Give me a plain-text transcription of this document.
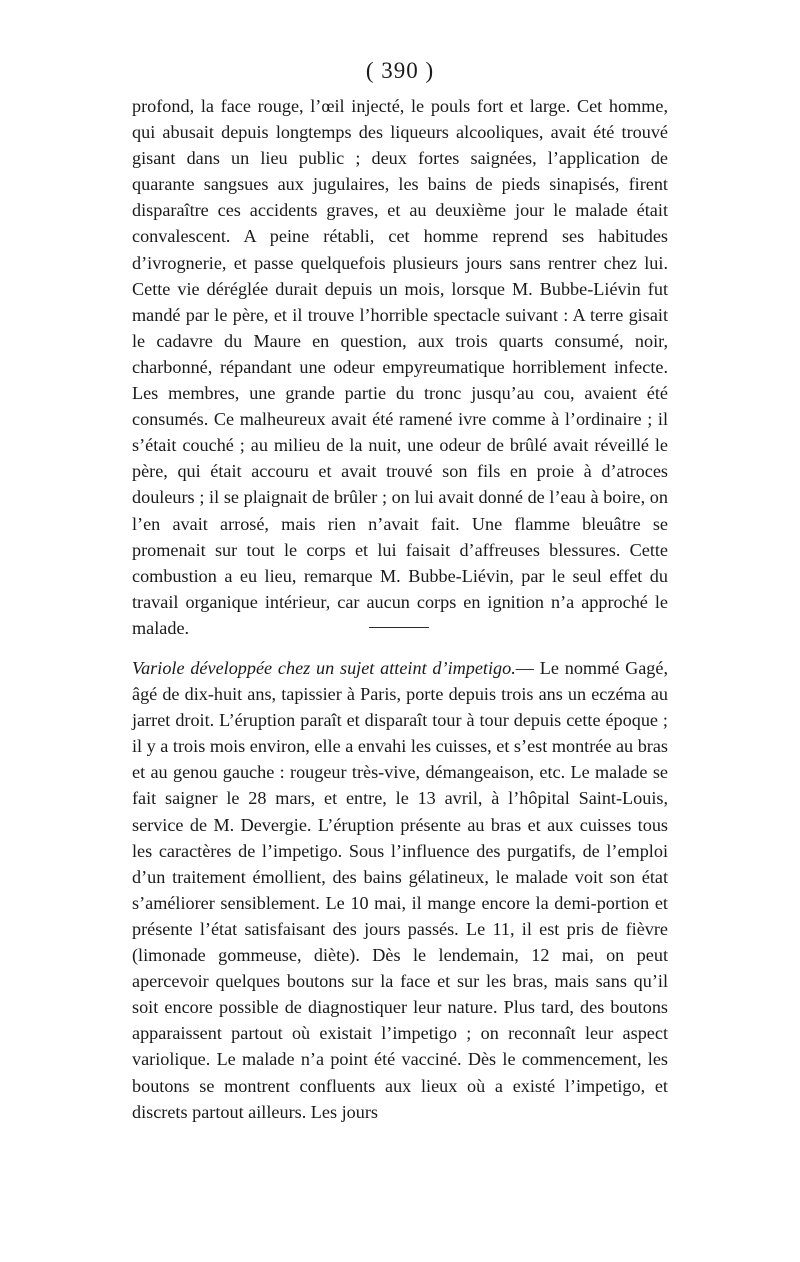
( 390 )

profond, la face rouge, l’œil injecté, le pouls fort et large. Cet homme, qui abusait depuis longtemps des liqueurs alcooliques, avait été trouvé gisant dans un lieu public ; deux fortes saignées, l’application de quarante sangsues aux jugulaires, les bains de pieds sinapisés, firent disparaître ces accidents graves, et au deuxième jour le malade était convalescent. A peine rétabli, cet homme reprend ses habitudes d’ivrognerie, et passe quelquefois plusieurs jours sans rentrer chez lui. Cette vie déréglée durait depuis un mois, lorsque M. Bubbe-Liévin fut mandé par le père, et il trouve l’horrible spectacle suivant : A terre gisait le cadavre du Maure en question, aux trois quarts consumé, noir, charbonné, répandant une odeur empyreumatique horriblement infecte. Les membres, une grande partie du tronc jusqu’au cou, avaient été consumés. Ce malheureux avait été ramené ivre comme à l’ordinaire ; il s’était couché ; au milieu de la nuit, une odeur de brûlé avait réveillé le père, qui était accouru et avait trouvé son fils en proie à d’atroces douleurs ; il se plaignait de brûler ; on lui avait donné de l’eau à boire, on l’en avait arrosé, mais rien n’avait fait. Une flamme bleuâtre se promenait sur tout le corps et lui faisait d’affreuses blessures. Cette combustion a eu lieu, remarque M. Bubbe-Liévin, par le seul effet du travail organique intérieur, car aucun corps en ignition n’a approché le malade.

Variole développée chez un sujet atteint d’impetigo.— Le nommé Gagé, âgé de dix-huit ans, tapissier à Paris, porte depuis trois ans un eczéma au jarret droit. L’éruption paraît et disparaît tour à tour depuis cette époque ; il y a trois mois environ, elle a envahi les cuisses, et s’est montrée au bras et au genou gauche : rougeur très-vive, démangeaison, etc. Le malade se fait saigner le 28 mars, et entre, le 13 avril, à l’hôpital Saint-Louis, service de M. Devergie. L’éruption présente au bras et aux cuisses tous les caractères de l’impetigo. Sous l’influence des purgatifs, de l’emploi d’un traitement émollient, des bains gélatineux, le malade voit son état s’améliorer sensiblement. Le 10 mai, il mange encore la demi-portion et présente l’état satisfaisant des jours passés. Le 11, il est pris de fièvre (limonade gommeuse, diète). Dès le lendemain, 12 mai, on peut apercevoir quelques boutons sur la face et sur les bras, mais sans qu’il soit encore possible de diagnostiquer leur nature. Plus tard, des boutons apparaissent partout où existait l’impetigo ; on reconnaît leur aspect variolique. Le malade n’a point été vacciné. Dès le commencement, les boutons se montrent confluents aux lieux où a existé l’impetigo, et discrets partout ailleurs. Les jours
